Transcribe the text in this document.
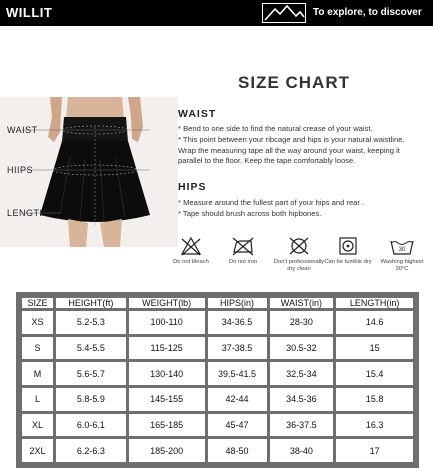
WILLIT	To explore, to discover
SIZE CHART
WAIST
HIIPS
LENGTH
WAIST

* Bend to one side to find the natural crease of your waist.

* This point between your ribcage and hips is your natural waistline.

Wrap the measuring tape all the way around your waist, keeping it

parallel to the floor. Keep the tape comfortably loose.

HIPS

* Measure around the fullest part of your hips and rear .

* Tape should brush across both hipbones.

Do not bleach	Do not iron	Don't professionally dry clean
Can be tumble dry
30
Washing highest 30°C
SIZE	HEIGHT(ft)	WEIGHT(lb)	HIPS(in)	WAIST(in)	LENGTH(in)
XS	5.2-5.3	100-110	34-36.5	28-30	14.6
S	5.4-5.5	115-125	37-38.5	30.5-32	15
M	5.6-5.7	130-140	39.5-41.5	32.5-34	15.4
L	5.8-5.9	145-155	42-44	34.5-36	15.8
XL	6.0-6.1	165-185	45-47	36-37.5	16.3
2XL	6.2-6.3	185-200	48-50	38-40	17
